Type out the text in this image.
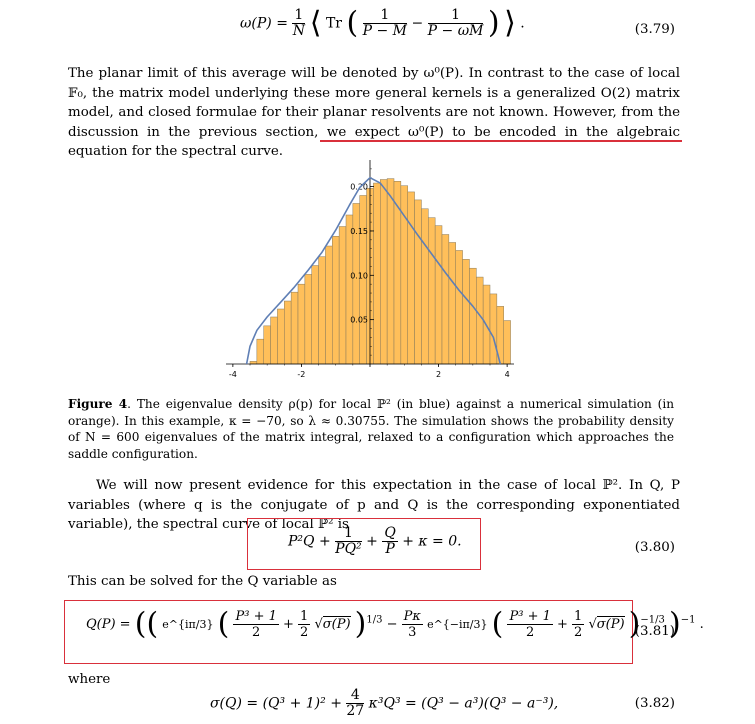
$\omega(P) = \frac{1}{N}$ ⟨ Tr ( $\frac{1}{P - M} - \frac{1}{P - \omega M}$ ) ⟩ .	(3.79)
The planar limit of this average will be denoted by ω⁰(P). In contrast to the case of local 𝔽₀, the matrix model underlying these more general kernels is a generalized O(2) matrix model, and closed formulae for their planar resolvents are not known. However, from the discussion in the previous section, we expect ω⁰(P) to be encoded in the algebraic equation for the spectral curve.
-4	-2	2	4
0.05
0.10
0.15
0.20
Figure 4. The eigenvalue density ρ(p) for local ℙ² (in blue) against a numerical simulation (in orange). In this example, κ = −70, so λ ≈ 0.30755. The simulation shows the probability density of N = 600 eigenvalues of the matrix integral, relaxed to a configuration which approaches the saddle configuration.
We will now present evidence for this expectation in the case of local ℙ². In Q, P variables (where q is the conjugate of p and Q is the corresponding exponentiated variable), the spectral curve of local ℙ² is
$P^2Q + \frac{1}{\text{PQ²}} + \frac{Q}{P} + \kappa = 0$.	(3.80)
This can be solved for the Q variable as
Q(P) = (( e^{iπ/3} ( $\frac{\text{P³ + 1}}{2} + \frac{1}{2} √\sigma(P) )^{1/3} - \frac{P\kappa}{3}$ e^{−iπ/3} ( $\frac{\text{P³ + 1}}{2} + \frac{1}{2} √\sigma(P)$ )$^{-1/3}$ )$^{-1}$ .
(3.81)
where
$\sigma(Q) = (Q^3 + 1)^2 + \frac{4}{27} \kappa^3Q^3 = (Q^3 - a^3)(Q^3 - a^{-3})$,	(3.82)
